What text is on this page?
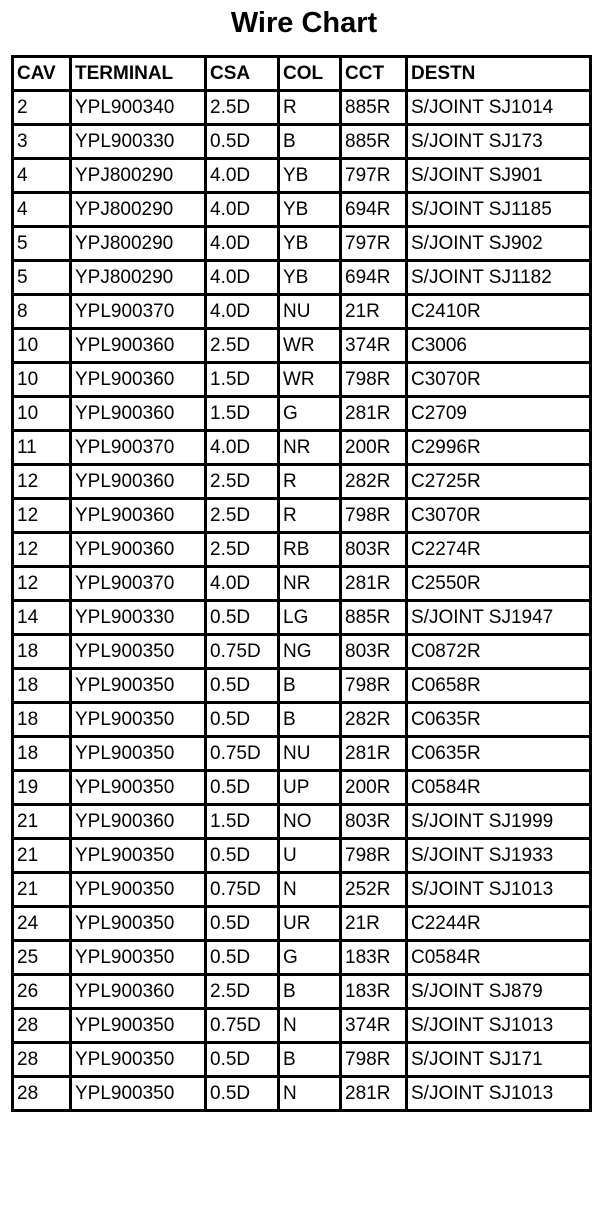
Wire Chart
CAV	TERMINAL	CSA	COL	CCT	DESTN
2	YPL900340	2.5D	R	885R	S/JOINT SJ1014
3	YPL900330	0.5D	B	885R	S/JOINT SJ173
4	YPJ800290	4.0D	YB	797R	S/JOINT SJ901
4	YPJ800290	4.0D	YB	694R	S/JOINT SJ1185
5	YPJ800290	4.0D	YB	797R	S/JOINT SJ902
5	YPJ800290	4.0D	YB	694R	S/JOINT SJ1182
8	YPL900370	4.0D	NU	21R	C2410R
10	YPL900360	2.5D	WR	374R	C3006
10	YPL900360	1.5D	WR	798R	C3070R
10	YPL900360	1.5D	G	281R	C2709
11	YPL900370	4.0D	NR	200R	C2996R
12	YPL900360	2.5D	R	282R	C2725R
12	YPL900360	2.5D	R	798R	C3070R
12	YPL900360	2.5D	RB	803R	C2274R
12	YPL900370	4.0D	NR	281R	C2550R
14	YPL900330	0.5D	LG	885R	S/JOINT SJ1947
18	YPL900350	0.75D	NG	803R	C0872R
18	YPL900350	0.5D	B	798R	C0658R
18	YPL900350	0.5D	B	282R	C0635R
18	YPL900350	0.75D	NU	281R	C0635R
19	YPL900350	0.5D	UP	200R	C0584R
21	YPL900360	1.5D	NO	803R	S/JOINT SJ1999
21	YPL900350	0.5D	U	798R	S/JOINT SJ1933
21	YPL900350	0.75D	N	252R	S/JOINT SJ1013
24	YPL900350	0.5D	UR	21R	C2244R
25	YPL900350	0.5D	G	183R	C0584R
26	YPL900360	2.5D	B	183R	S/JOINT SJ879
28	YPL900350	0.75D	N	374R	S/JOINT SJ1013
28	YPL900350	0.5D	B	798R	S/JOINT SJ171
28	YPL900350	0.5D	N	281R	S/JOINT SJ1013
